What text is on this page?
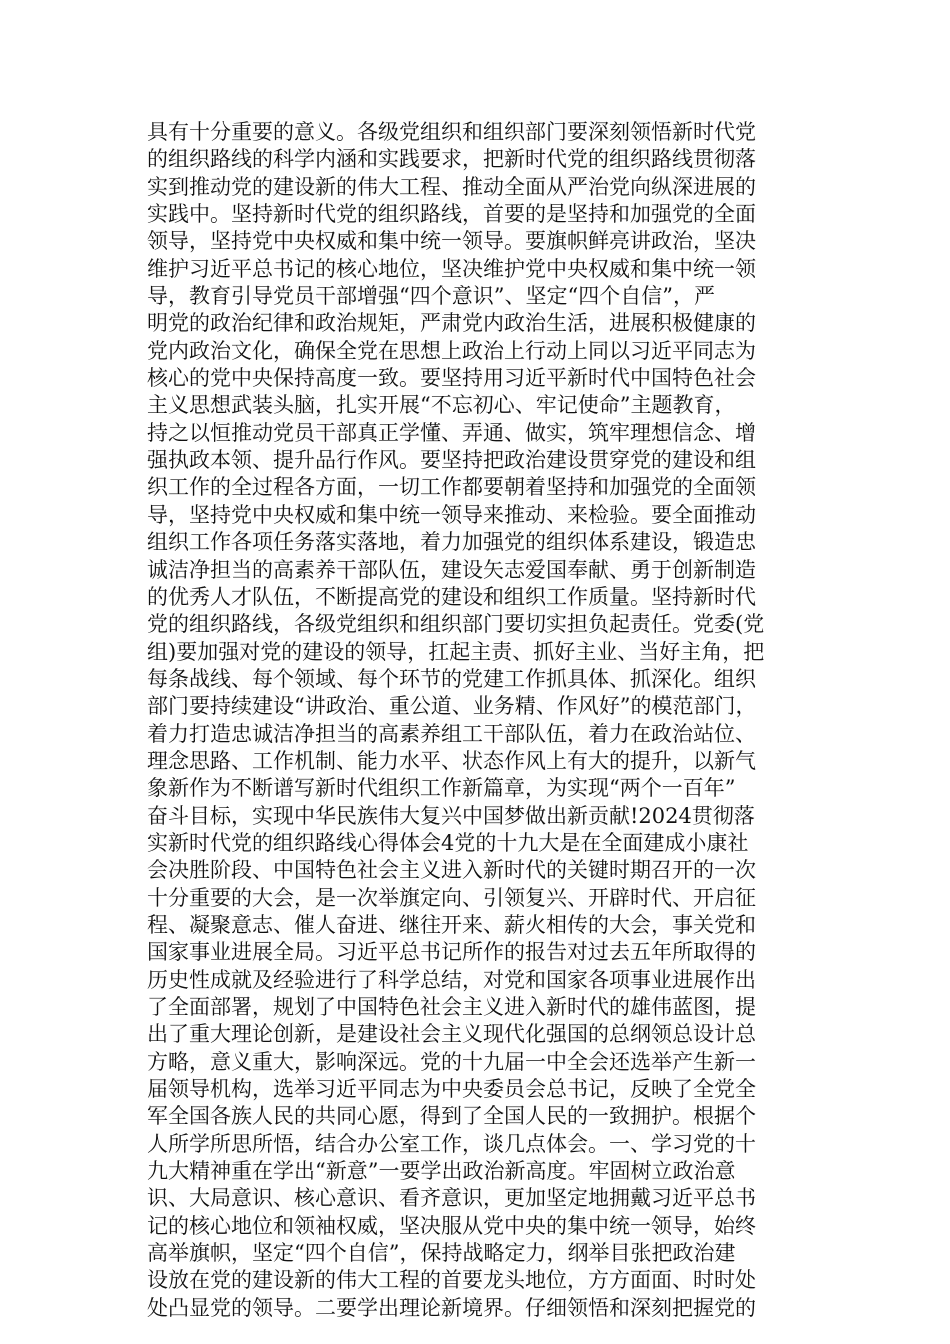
具有十分重要的意义。各级党组织和组织部门要深刻领悟新时代党
的组织路线的科学内涵和实践要求，把新时代党的组织路线贯彻落
实到推动党的建设新的伟大工程、推动全面从严治党向纵深进展的
实践中。坚持新时代党的组织路线，首要的是坚持和加强党的全面
领导，坚持党中央权威和集中统一领导。要旗帜鲜亮讲政治，坚决
维护习近平总书记的核心地位，坚决维护党中央权威和集中统一领
导，教育引导党员干部增强“四个意识”、坚定“四个自信”，严
明党的政治纪律和政治规矩，严肃党内政治生活，进展积极健康的
党内政治文化，确保全党在思想上政治上行动上同以习近平同志为
核心的党中央保持高度一致。要坚持用习近平新时代中国特色社会
主义思想武装头脑，扎实开展“不忘初心、牢记使命”主题教育，
持之以恒推动党员干部真正学懂、弄通、做实，筑牢理想信念、增
强执政本领、提升品行作风。要坚持把政治建设贯穿党的建设和组
织工作的全过程各方面，一切工作都要朝着坚持和加强党的全面领
导，坚持党中央权威和集中统一领导来推动、来检验。要全面推动
组织工作各项任务落实落地，着力加强党的组织体系建设，锻造忠
诚洁净担当的高素养干部队伍，建设矢志爱国奉献、勇于创新制造
的优秀人才队伍，不断提高党的建设和组织工作质量。坚持新时代
党的组织路线，各级党组织和组织部门要切实担负起责任。党委(党
组)要加强对党的建设的领导，扛起主责、抓好主业、当好主角，把
每条战线、每个领域、每个环节的党建工作抓具体、抓深化。组织
部门要持续建设“讲政治、重公道、业务精、作风好”的模范部门，
着力打造忠诚洁净担当的高素养组工干部队伍，着力在政治站位、
理念思路、工作机制、能力水平、状态作风上有大的提升，以新气
象新作为不断谱写新时代组织工作新篇章，为实现“两个一百年”
奋斗目标，实现中华民族伟大复兴中国梦做出新贡献!2024贯彻落
实新时代党的组织路线心得体会4党的十九大是在全面建成小康社
会决胜阶段、中国特色社会主义进入新时代的关键时期召开的一次
十分重要的大会，是一次举旗定向、引领复兴、开辟时代、开启征
程、凝聚意志、催人奋进、继往开来、薪火相传的大会，事关党和
国家事业进展全局。习近平总书记所作的报告对过去五年所取得的
历史性成就及经验进行了科学总结，对党和国家各项事业进展作出
了全面部署，规划了中国特色社会主义进入新时代的雄伟蓝图，提
出了重大理论创新，是建设社会主义现代化强国的总纲领总设计总
方略，意义重大，影响深远。党的十九届一中全会还选举产生新一
届领导机构，选举习近平同志为中央委员会总书记，反映了全党全
军全国各族人民的共同心愿，得到了全国人民的一致拥护。根据个
人所学所思所悟，结合办公室工作，谈几点体会。一、学习党的十
九大精神重在学出“新意”一要学出政治新高度。牢固树立政治意
识、大局意识、核心意识、看齐意识，更加坚定地拥戴习近平总书
记的核心地位和领袖权威，坚决服从党中央的集中统一领导，始终
高举旗帜，坚定“四个自信”，保持战略定力，纲举目张把政治建
设放在党的建设新的伟大工程的首要龙头地位，方方面面、时时处
处凸显党的领导。二要学出理论新境界。仔细领悟和深刻把握党的
